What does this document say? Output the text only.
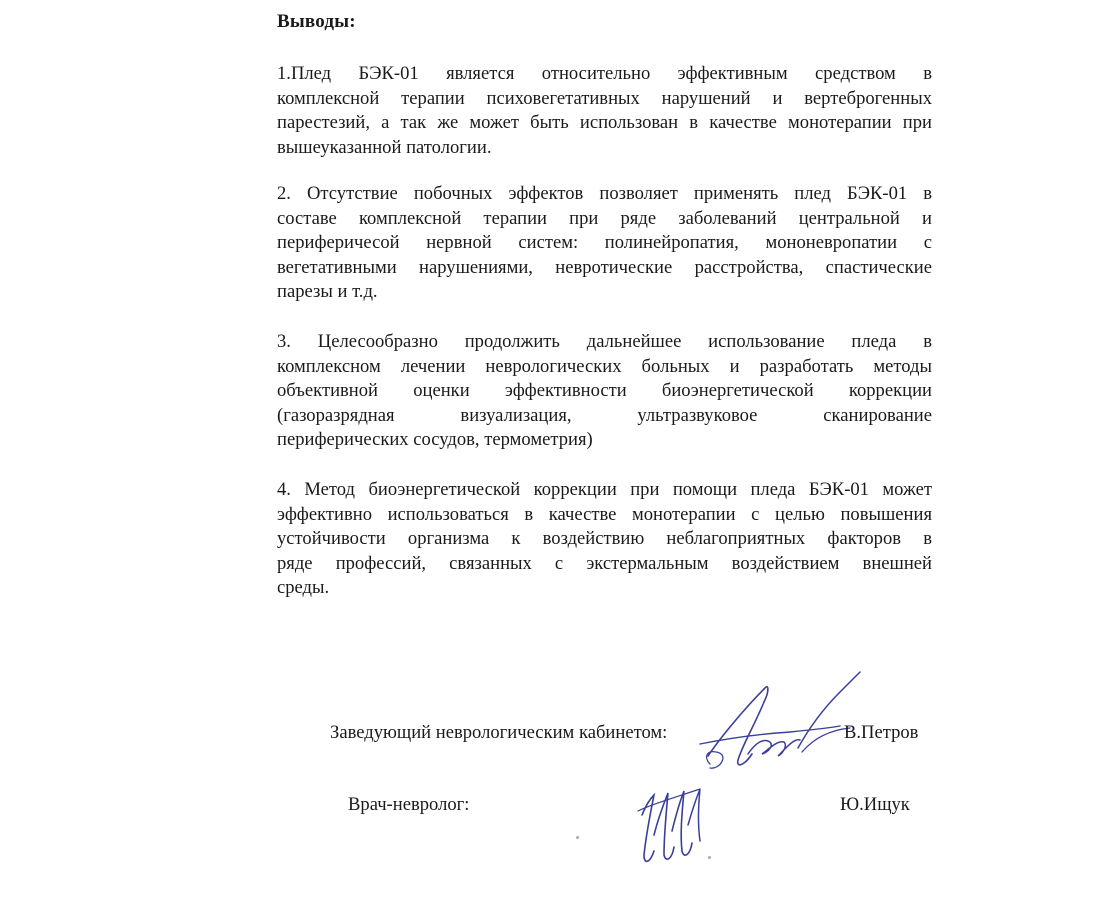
Выводы:
1.Плед БЭК-01 является относительно эффективным средством в
комплексной терапии психовегетативных нарушений и вертеброгенных
парестезий, а так же может быть использован в качестве монотерапии при
вышеуказанной патологии.
2. Отсутствие побочных эффектов позволяет применять плед БЭК-01 в
составе комплексной терапии при ряде заболеваний центральной и
периферичесой нервной систем: полинейропатия, мононевропатии с
вегетативными нарушениями, невротические расстройства, спастические
парезы и т.д.
3. Целесообразно продолжить дальнейшее использование пледа в
комплексном лечении неврологических больных и разработать методы
объективной оценки эффективности биоэнергетической коррекции
(газоразрядная визуализация, ультразвуковое сканирование
периферических сосудов, термометрия)
4. Метод биоэнергетической коррекции при помощи пледа БЭК-01 может
эффективно использоваться в качестве монотерапии с целью повышения
устойчивости организма к воздействию неблагоприятных факторов в
ряде профессий, связанных с экстермальным воздействием внешней
среды.
Заведующий неврологическим кабинетом:	В.Петров
Врач-невролог:	Ю.Ищук
